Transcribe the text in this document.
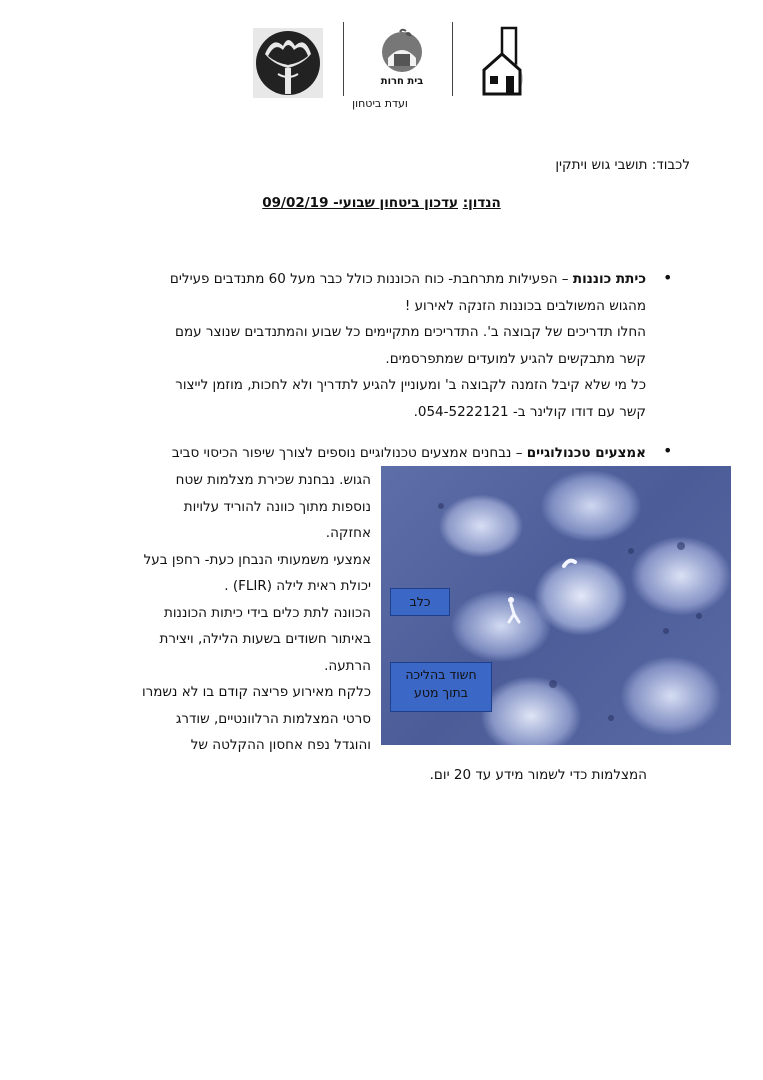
בית חרות
ועדת ביטחון
לכבוד: תושבי גוש ויתקין
הנדון: עדכון ביטחון שבועי- 09/02/19
•
כיתת כוננות – הפעילות מתרחבת- כוח הכוננות כולל כבר מעל 60 מתנדבים פעילים
מהגוש המשולבים בכוננות הזנקה לאירוע !
החלו תדריכים של קבוצה ב'. התדריכים מתקיימים כל שבוע והמתנדבים שנוצר עמם
קשר מתבקשים להגיע למועדים שמתפרסמים.
כל מי שלא קיבל הזמנה לקבוצה ב' ומעוניין להגיע לתדריך ולא לחכות, מוזמן לייצור
קשר עם דודו קולינר ב- 054-5222121.
•
אמצעים טכנולוגיים – נבחנים אמצעים טכנולוגיים נוספים לצורך שיפור הכיסוי סביב
הגוש. נבחנת שכירת מצלמות שטח
נוספות מתוך כוונה להוריד עלויות
אחזקה.
אמצעי משמעותי הנבחן כעת- רחפן בעל
יכולת ראית לילה (FLIR) .
הכוונה לתת כלים בידי כיתות הכוננות
באיתור חשודים בשעות הלילה, ויצירת
הרתעה.
כלקח מאירוע פריצה קודם בו לא נשמרו
סרטי המצלמות הרלוונטיים, שודרג
והוגדל נפח אחסון ההקלטה של
כלב
חשוד בהליכה
בתוך מטע
המצלמות כדי לשמור מידע עד 20 יום.
